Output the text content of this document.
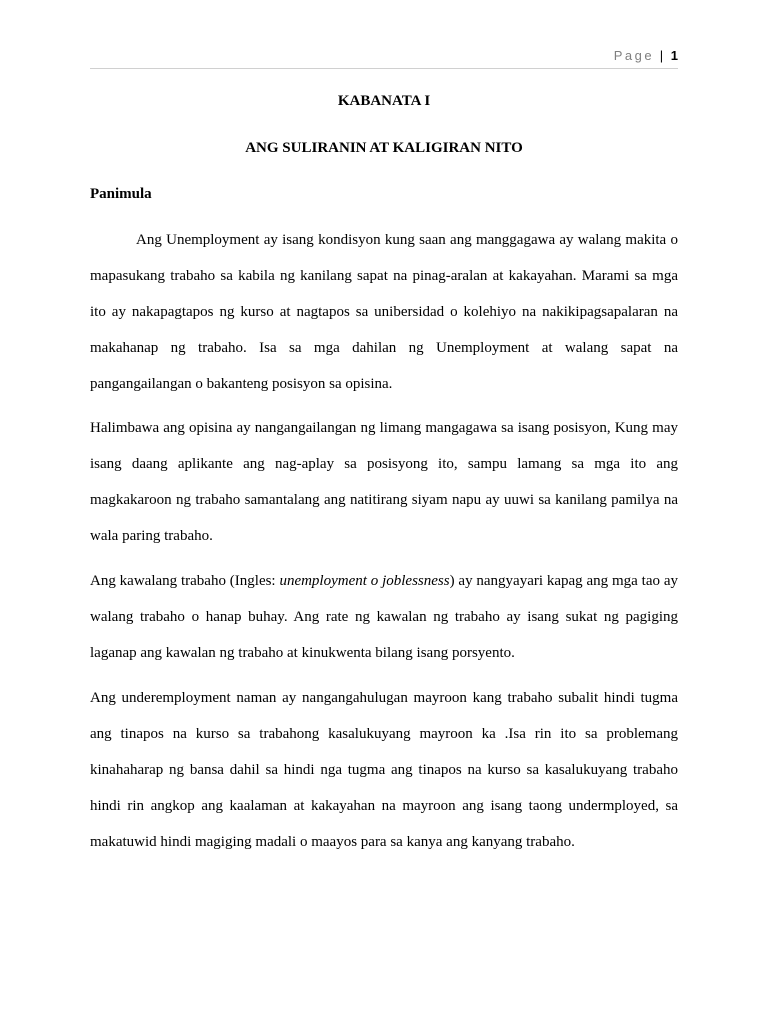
Page | 1

KABANATA I

ANG SULIRANIN AT KALIGIRAN NITO

Panimula

Ang Unemployment ay isang kondisyon kung saan ang manggagawa ay walang makita o mapasukang trabaho sa kabila ng kanilang sapat na pinag-aralan at kakayahan. Marami sa mga ito ay nakapagtapos ng kurso at nagtapos sa unibersidad o kolehiyo na nakikipagsapalaran na makahanap ng trabaho. Isa sa mga dahilan ng Unemployment at walang sapat na pangangailangan o bakanteng posisyon sa opisina.

Halimbawa ang opisina ay nangangailangan ng limang mangagawa sa isang posisyon, Kung may isang daang aplikante ang nag-aplay sa posisyong ito, sampu lamang sa mga ito ang magkakaroon ng trabaho samantalang ang natitirang siyam napu ay uuwi sa kanilang pamilya na wala paring trabaho.

Ang kawalang trabaho (Ingles: unemployment o joblessness) ay nangyayari kapag ang mga tao ay walang trabaho o hanap buhay. Ang rate ng kawalan ng trabaho ay isang sukat ng pagiging laganap ang kawalan ng trabaho at kinukwenta bilang isang porsyento.

Ang underemployment naman ay nangangahulugan mayroon kang trabaho subalit hindi tugma ang tinapos na kurso sa trabahong kasalukuyang mayroon ka .Isa rin ito sa problemang kinahaharap ng bansa dahil sa hindi nga tugma ang tinapos na kurso sa kasalukuyang trabaho hindi rin angkop ang kaalaman at kakayahan na mayroon ang isang taong undermployed, sa makatuwid hindi magiging madali o maayos para sa kanya ang kanyang trabaho.
